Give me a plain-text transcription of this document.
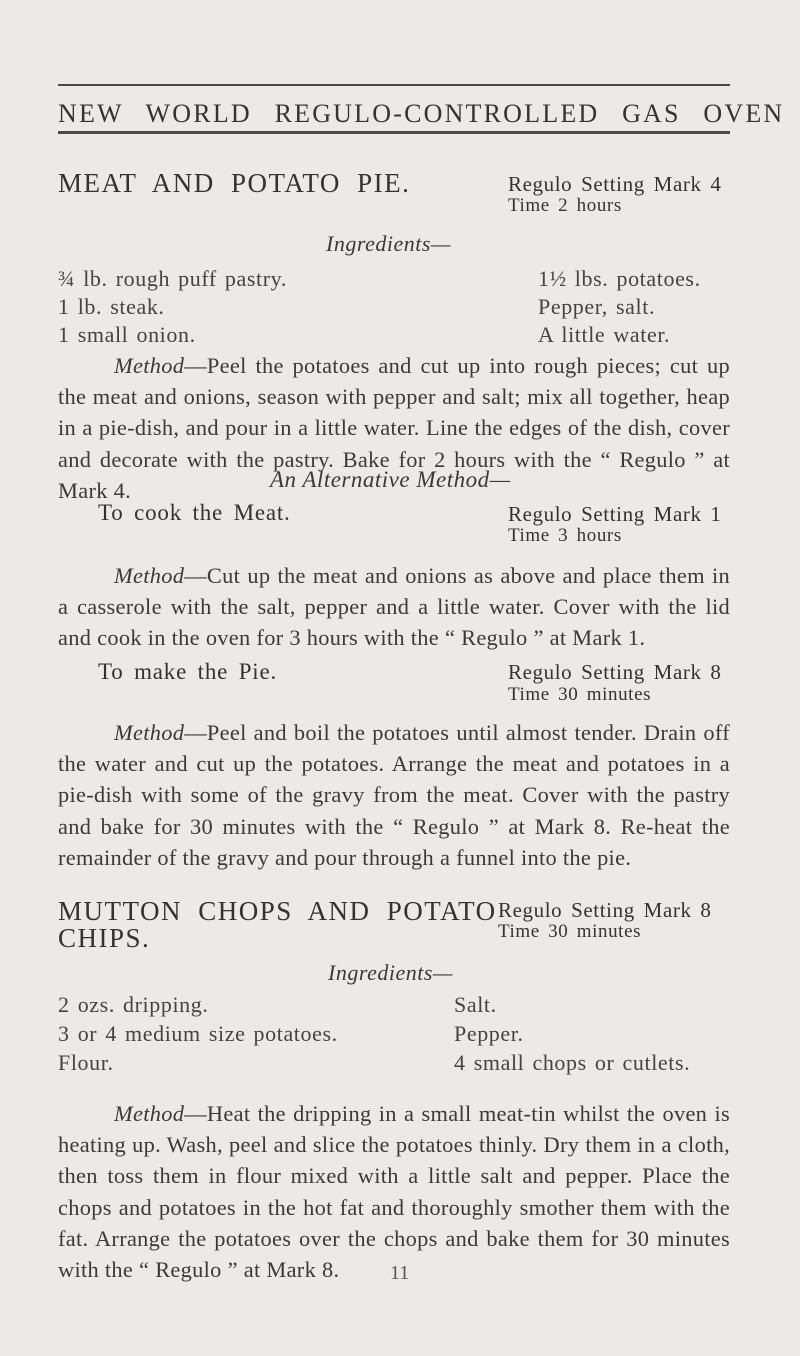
NEW WORLD REGULO-CONTROLLED GAS OVEN
MEAT AND POTATO PIE.	Regulo Setting Mark 4
Time 2 hours
Ingredients—
¾ lb. rough puff pastry.
1 lb. steak.
1 small onion.
1½ lbs. potatoes.
Pepper, salt.
A little water.
Method—Peel the potatoes and cut up into rough pieces; cut up the meat and onions, season with pepper and salt; mix all together, heap in a pie-dish, and pour in a little water. Line the edges of the dish, cover and decorate with the pastry. Bake for 2 hours with the “ Regulo ” at Mark 4.	An Alternative Method—
To cook the Meat.	Regulo Setting Mark 1
Time 3 hours
Method—Cut up the meat and onions as above and place them in a casserole with the salt, pepper and a little water. Cover with the lid and cook in the oven for 3 hours with the “ Regulo ” at Mark 1.
To make the Pie.	Regulo Setting Mark 8
Time 30 minutes
Method—Peel and boil the potatoes until almost tender. Drain off the water and cut up the potatoes. Arrange the meat and potatoes in a pie-dish with some of the gravy from the meat. Cover with the pastry and bake for 30 minutes with the “ Regulo ” at Mark 8. Re-heat the remainder of the gravy and pour through a funnel into the pie.
MUTTON CHOPS AND POTATO
CHIPS.
Regulo Setting Mark 8
Time 30 minutes
Ingredients—
2 ozs. dripping.
3 or 4 medium size potatoes.
Flour.
Salt.
Pepper.
4 small chops or cutlets.
Method—Heat the dripping in a small meat-tin whilst the oven is heating up. Wash, peel and slice the potatoes thinly. Dry them in a cloth, then toss them in flour mixed with a little salt and pepper. Place the chops and potatoes in the hot fat and thoroughly smother them with the fat. Arrange the potatoes over the chops and bake them for 30 minutes with the “ Regulo ” at Mark 8.	11
